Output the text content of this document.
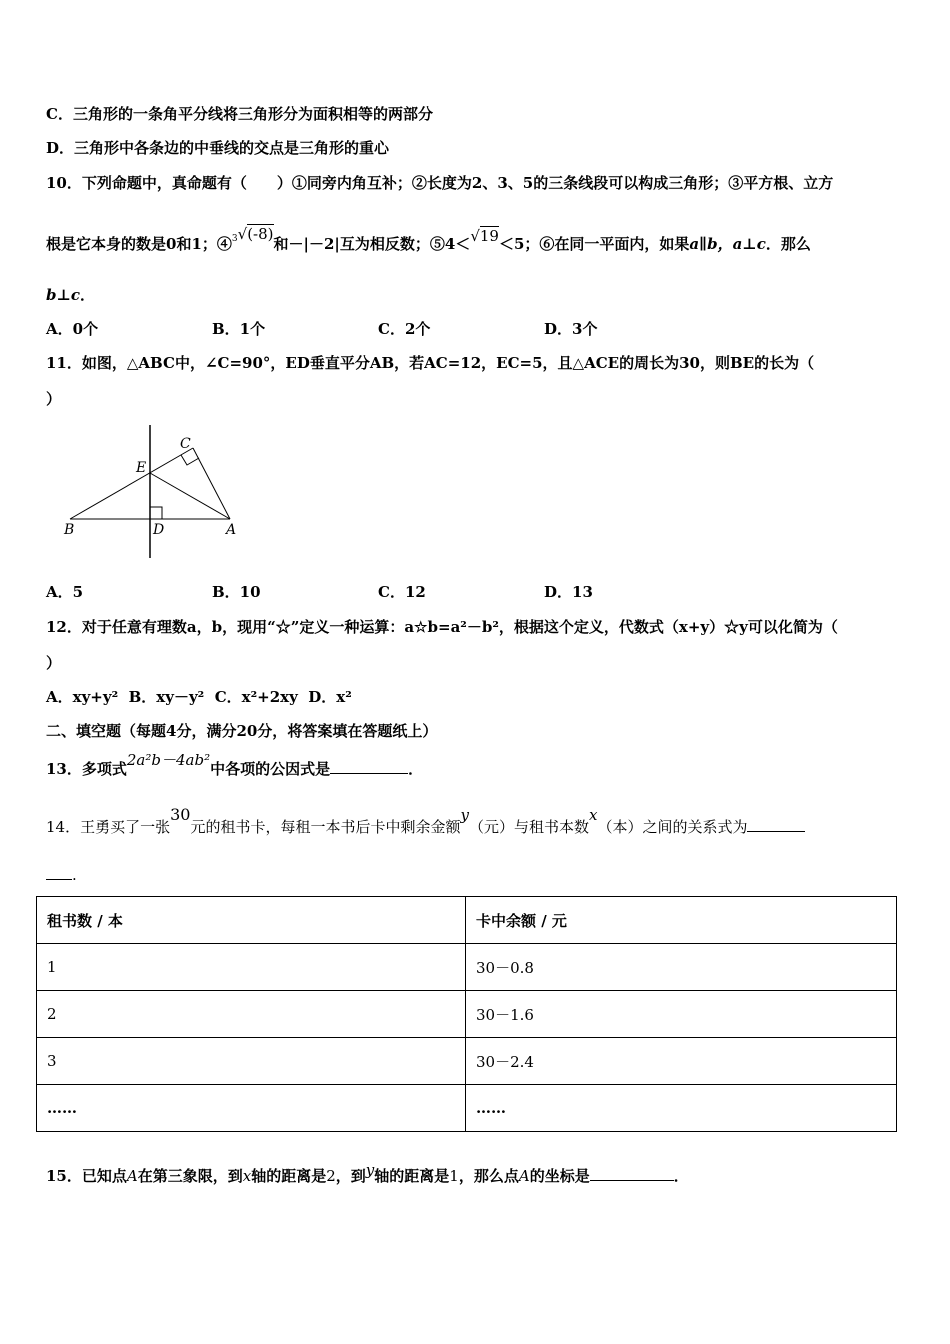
C．三角形的一条角平分线将三角形分为面积相等的两部分
D．三角形中各条边的中垂线的交点是三角形的重心
10．下列命题中，真命题有（　　）①同旁内角互补；②长度为2、3、5的三条线段可以构成三角形；③平方根、立方
根是它本身的数是0和1；④$^3$√(-8)和－|－2|互为相反数；⑤4＜√19＜5；⑥在同一平面内，如果a∥b，a⊥c．那么
b⊥c．
A．0个	B．1个	C．2个	D．3个
11．如图，△ABC中，∠C=90°，ED垂直平分AB，若AC=12，EC=5，且△ACE的周长为30，则BE的长为（
）
B	D	A
E
C
A．5	B．10	C．12	D．13
12．对于任意有理数a，b，现用“☆”定义一种运算：a☆b=a²－b²，根据这个定义，代数式（x+y）☆y可以化简为（
）
A．xy+y² B．xy－y² C．x²+2xy D．x²
二、填空题（每题4分，满分20分，将答案填在答题纸上）
13．多项式2a²b－4ab²中各项的公因式是	．
14．王勇买了一张30元的租书卡，每租一本书后卡中剩余金额y（元）与租书本数x（本）之间的关系式为
.
租书数 / 本	卡中余额 / 元
1	30－0.8
2	30－1.6
3	30－2.4
……	……
15．已知点A在第三象限，到x轴的距离是2，到y轴的距离是1，那么点A的坐标是	．
